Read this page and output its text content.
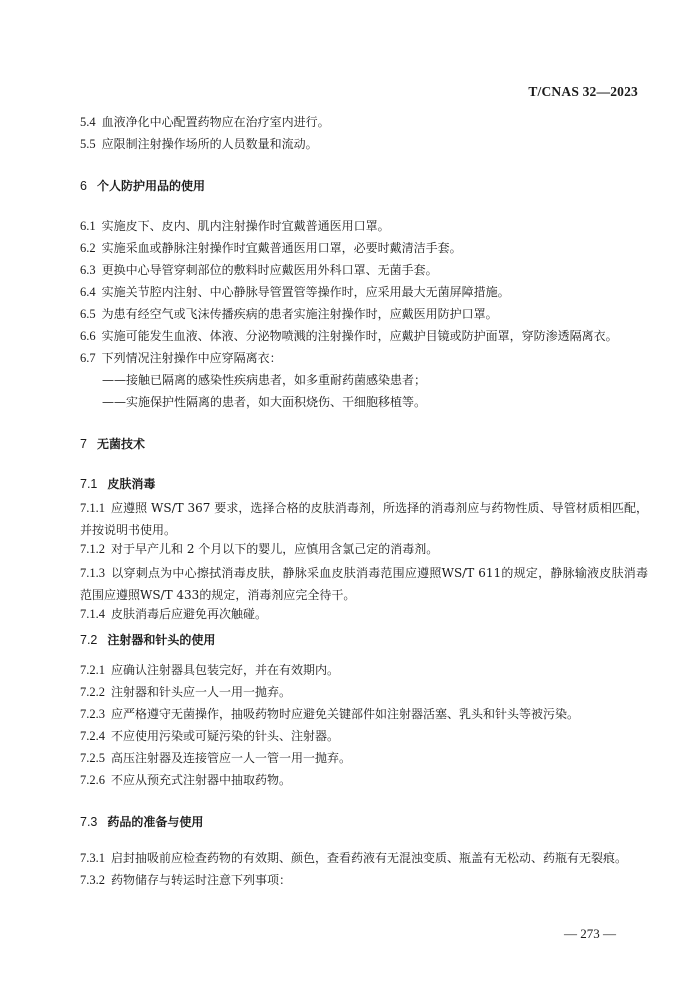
T/CNAS 32—2023
5.4 血液净化中心配置药物应在治疗室内进行。
5.5 应限制注射操作场所的人员数量和流动。
6 个人防护用品的使用
6.1 实施皮下、皮内、肌内注射操作时宜戴普通医用口罩。
6.2 实施采血或静脉注射操作时宜戴普通医用口罩，必要时戴清洁手套。
6.3 更换中心导管穿刺部位的敷料时应戴医用外科口罩、无菌手套。
6.4 实施关节腔内注射、中心静脉导管置管等操作时，应采用最大无菌屏障措施。
6.5 为患有经空气或飞沫传播疾病的患者实施注射操作时，应戴医用防护口罩。
6.6 实施可能发生血液、体液、分泌物喷溅的注射操作时，应戴护目镜或防护面罩，穿防渗透隔离衣。
6.7 下列情况注射操作中应穿隔离衣：
——接触已隔离的感染性疾病患者，如多重耐药菌感染患者；
——实施保护性隔离的患者，如大面积烧伤、干细胞移植等。
7 无菌技术
7.1 皮肤消毒
7.1.1 应遵照 WS/T 367 要求，选择合格的皮肤消毒剂，所选择的消毒剂应与药物性质、导管材质相匹配，并按说明书使用。
7.1.2 对于早产儿和 2 个月以下的婴儿，应慎用含氯己定的消毒剂。
7.1.3 以穿刺点为中心擦拭消毒皮肤，静脉采血皮肤消毒范围应遵照WS/T 611的规定，静脉输液皮肤消毒范围应遵照WS/T 433的规定，消毒剂应完全待干。
7.1.4 皮肤消毒后应避免再次触碰。
7.2 注射器和针头的使用
7.2.1 应确认注射器具包装完好，并在有效期内。
7.2.2 注射器和针头应一人一用一抛弃。
7.2.3 应严格遵守无菌操作，抽吸药物时应避免关键部件如注射器活塞、乳头和针头等被污染。
7.2.4 不应使用污染或可疑污染的针头、注射器。
7.2.5 高压注射器及连接管应一人一管一用一抛弃。
7.2.6 不应从预充式注射器中抽取药物。
7.3 药品的准备与使用
7.3.1 启封抽吸前应检查药物的有效期、颜色，查看药液有无混浊变质、瓶盖有无松动、药瓶有无裂痕。
7.3.2 药物储存与转运时注意下列事项：
— 273 —
